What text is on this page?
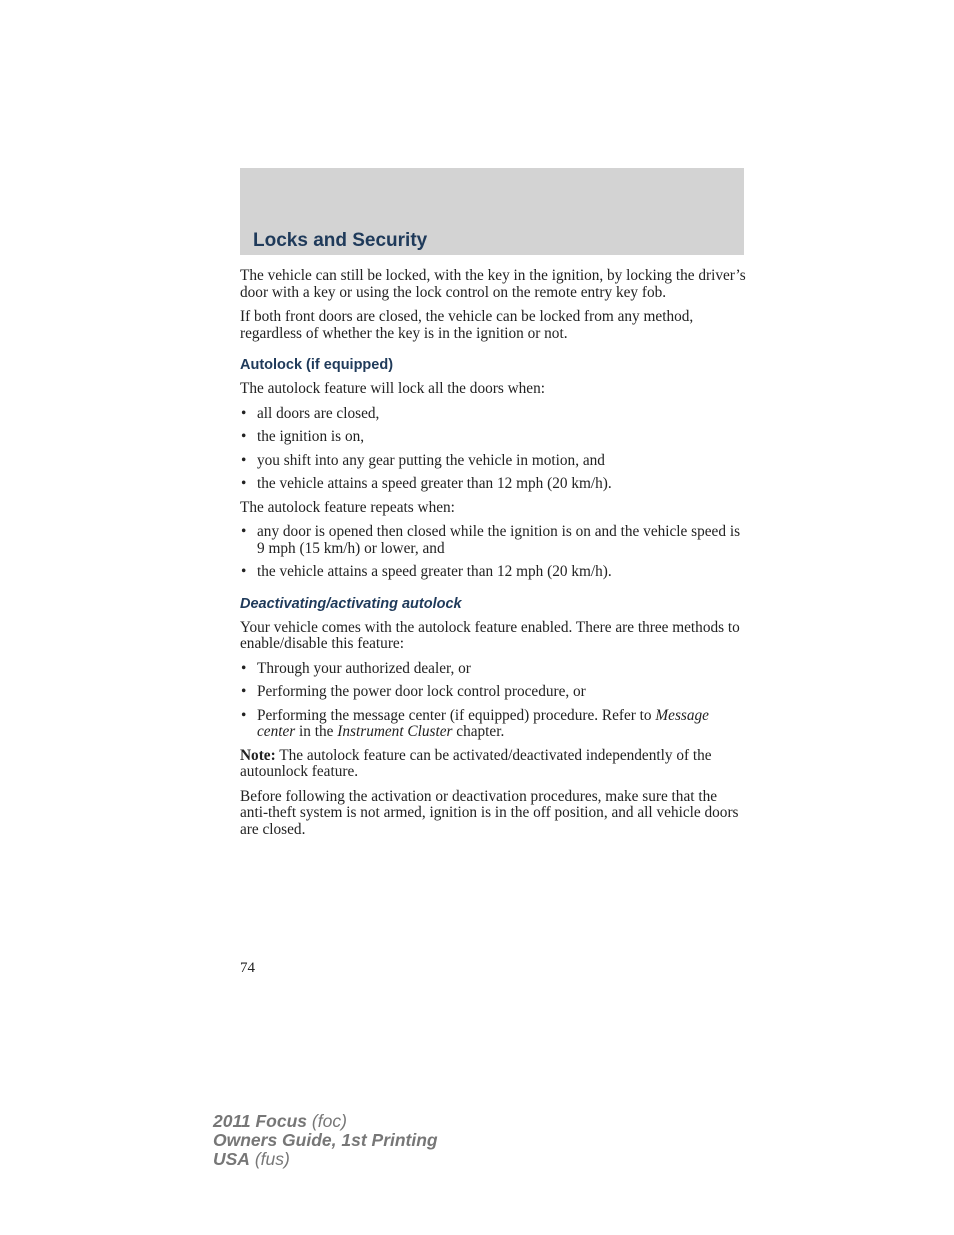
Locks and Security

The vehicle can still be locked, with the key in the ignition, by locking the driver’s door with a key or using the lock control on the remote entry key fob.

If both front doors are closed, the vehicle can be locked from any method, regardless of whether the key is in the ignition or not.

Autolock (if equipped)

The autolock feature will lock all the doors when:

• all doors are closed,
• the ignition is on,
• you shift into any gear putting the vehicle in motion, and
• the vehicle attains a speed greater than 12 mph (20 km/h).

The autolock feature repeats when:

• any door is opened then closed while the ignition is on and the vehicle speed is 9 mph (15 km/h) or lower, and
• the vehicle attains a speed greater than 12 mph (20 km/h).
Deactivating/activating autolock

Your vehicle comes with the autolock feature enabled. There are three methods to enable/disable this feature:

• Through your authorized dealer, or
• Performing the power door lock control procedure, or
• Performing the message center (if equipped) procedure. Refer to Message center in the Instrument Cluster chapter.

Note: The autolock feature can be activated/deactivated independently of the autounlock feature.

Before following the activation or deactivation procedures, make sure that the anti-theft system is not armed, ignition is in the off position, and all vehicle doors are closed.

74
2011 Focus (foc)
Owners Guide, 1st Printing
USA (fus)
